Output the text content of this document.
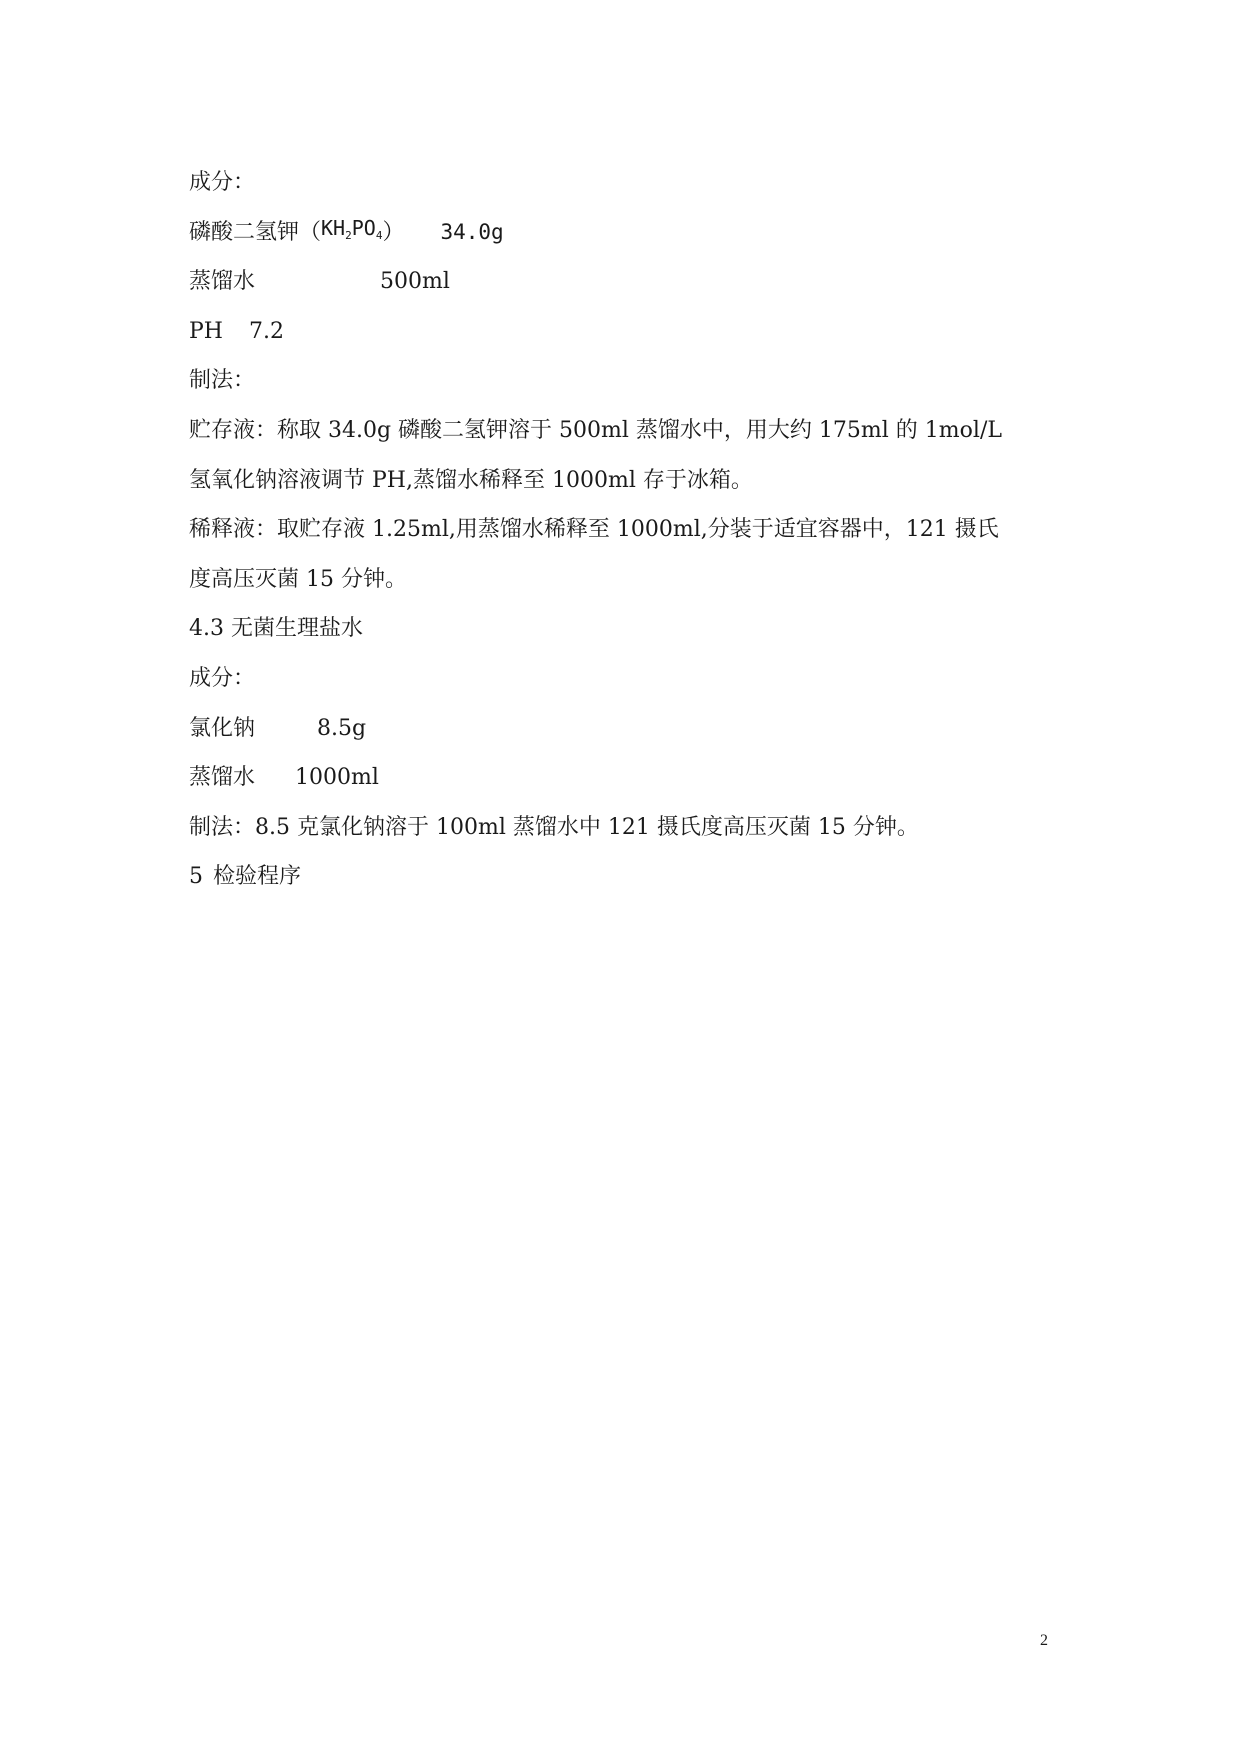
成分：
磷酸二氢钾（ $KH_2PO_4$ ） 34.0g
蒸馏水	500ml
PH 7.2
制法：
贮存液：称取 34.0g 磷酸二氢钾溶于 500ml 蒸馏水中，用大约 175ml 的 1mol/L
氢氧化钠溶液调节 PH,蒸馏水稀释至 1000ml 存于冰箱。
稀释液：取贮存液 1.25ml,用蒸馏水稀释至 1000ml,分装于适宜容器中，121 摄氏
度高压灭菌 15 分钟。
4.3 无菌生理盐水
成分：
氯化钠	8.5g
蒸馏水 1000ml
制法：8.5 克氯化钠溶于 100ml 蒸馏水中 121 摄氏度高压灭菌 15 分钟。
5 检验程序
2
